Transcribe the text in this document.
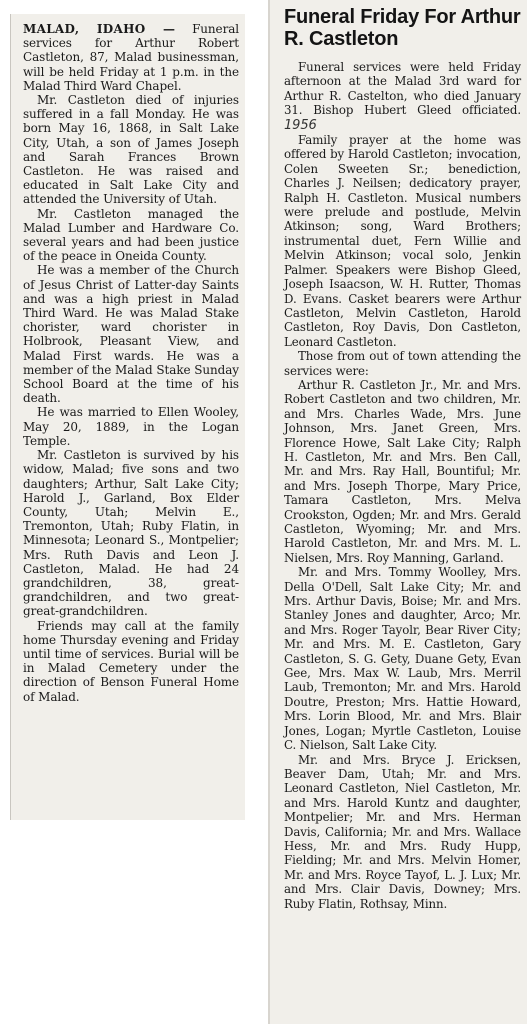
MALAD, IDAHO — Funeral services for Arthur Robert Castleton, 87, Malad businessman, will be held Friday at 1 p.m. in the Malad Third Ward Chapel.

Mr. Castleton died of injuries suffered in a fall Monday. He was born May 16, 1868, in Salt Lake City, Utah, a son of James Joseph and Sarah Frances Brown Castleton. He was raised and educated in Salt Lake City and attended the University of Utah.

Mr. Castleton managed the Malad Lumber and Hardware Co. several years and had been justice of the peace in Oneida County.

He was a member of the Church of Jesus Christ of Latter-day Saints and was a high priest in Malad Third Ward. He was Malad Stake chorister, ward chorister in Holbrook, Pleasant View, and Malad First wards. He was a member of the Malad Stake Sunday School Board at the time of his death.

He was married to Ellen Wooley, May 20, 1889, in the Logan Temple.

Mr. Castleton is survived by his widow, Malad; five sons and two daughters; Arthur, Salt Lake City; Harold J., Garland, Box Elder County, Utah; Melvin E., Tremonton, Utah; Ruby Flatin, in Minnesota; Leonard S., Montpelier; Mrs. Ruth Davis and Leon J. Castleton, Malad. He had 24 grandchildren, 38, great-grandchildren, and two great-great-grandchildren.

Friends may call at the family home Thursday evening and Friday until time of services. Burial will be in Malad Cemetery under the direction of Benson Funeral Home of Malad.

Funeral Friday For Arthur R. Castleton

Funeral services were held Friday afternoon at the Malad 3rd ward for Arthur R. Castelton, who died January 31. Bishop Hubert Gleed officiated. 1956

Family prayer at the home was offered by Harold Castleton; invocation, Colen Sweeten Sr.; benediction, Charles J. Neilsen; dedicatory prayer, Ralph H. Castleton. Musical numbers were prelude and postlude, Melvin Atkinson; song, Ward Brothers; instrumental duet, Fern Willie and Melvin Atkinson; vocal solo, Jenkin Palmer. Speakers were Bishop Gleed, Joseph Isaacson, W. H. Rutter, Thomas D. Evans. Casket bearers were Arthur Castleton, Melvin Castleton, Harold Castleton, Roy Davis, Don Castleton, Leonard Castleton.

Those from out of town attending the services were:

Arthur R. Castleton Jr., Mr. and Mrs. Robert Castleton and two children, Mr. and Mrs. Charles Wade, Mrs. June Johnson, Mrs. Janet Green, Mrs. Florence Howe, Salt Lake City; Ralph H. Castleton, Mr. and Mrs. Ben Call, Mr. and Mrs. Ray Hall, Bountiful; Mr. and Mrs. Joseph Thorpe, Mary Price, Tamara Castleton, Mrs. Melva Crookston, Ogden; Mr. and Mrs. Gerald Castleton, Wyoming; Mr. and Mrs. Harold Castleton, Mr. and Mrs. M. L. Nielsen, Mrs. Roy Manning, Garland.

Mr. and Mrs. Tommy Woolley, Mrs. Della O'Dell, Salt Lake City; Mr. and Mrs. Arthur Davis, Boise; Mr. and Mrs. Stanley Jones and daughter, Arco; Mr. and Mrs. Roger Tayolr, Bear River City; Mr. and Mrs. M. E. Castleton, Gary Castleton, S. G. Gety, Duane Gety, Evan Gee, Mrs. Max W. Laub, Mrs. Merril Laub, Tremonton; Mr. and Mrs. Harold Doutre, Preston; Mrs. Hattie Howard, Mrs. Lorin Blood, Mr. and Mrs. Blair Jones, Logan; Myrtle Castleton, Louise C. Nielson, Salt Lake City.

Mr. and Mrs. Bryce J. Ericksen, Beaver Dam, Utah; Mr. and Mrs. Leonard Castleton, Niel Castleton, Mr. and Mrs. Harold Kuntz and daughter, Montpelier; Mr. and Mrs. Herman Davis, California; Mr. and Mrs. Wallace Hess, Mr. and Mrs. Rudy Hupp, Fielding; Mr. and Mrs. Melvin Homer, Mr. and Mrs. Royce Tayof, L. J. Lux; Mr. and Mrs. Clair Davis, Downey; Mrs. Ruby Flatin, Rothsay, Minn.
